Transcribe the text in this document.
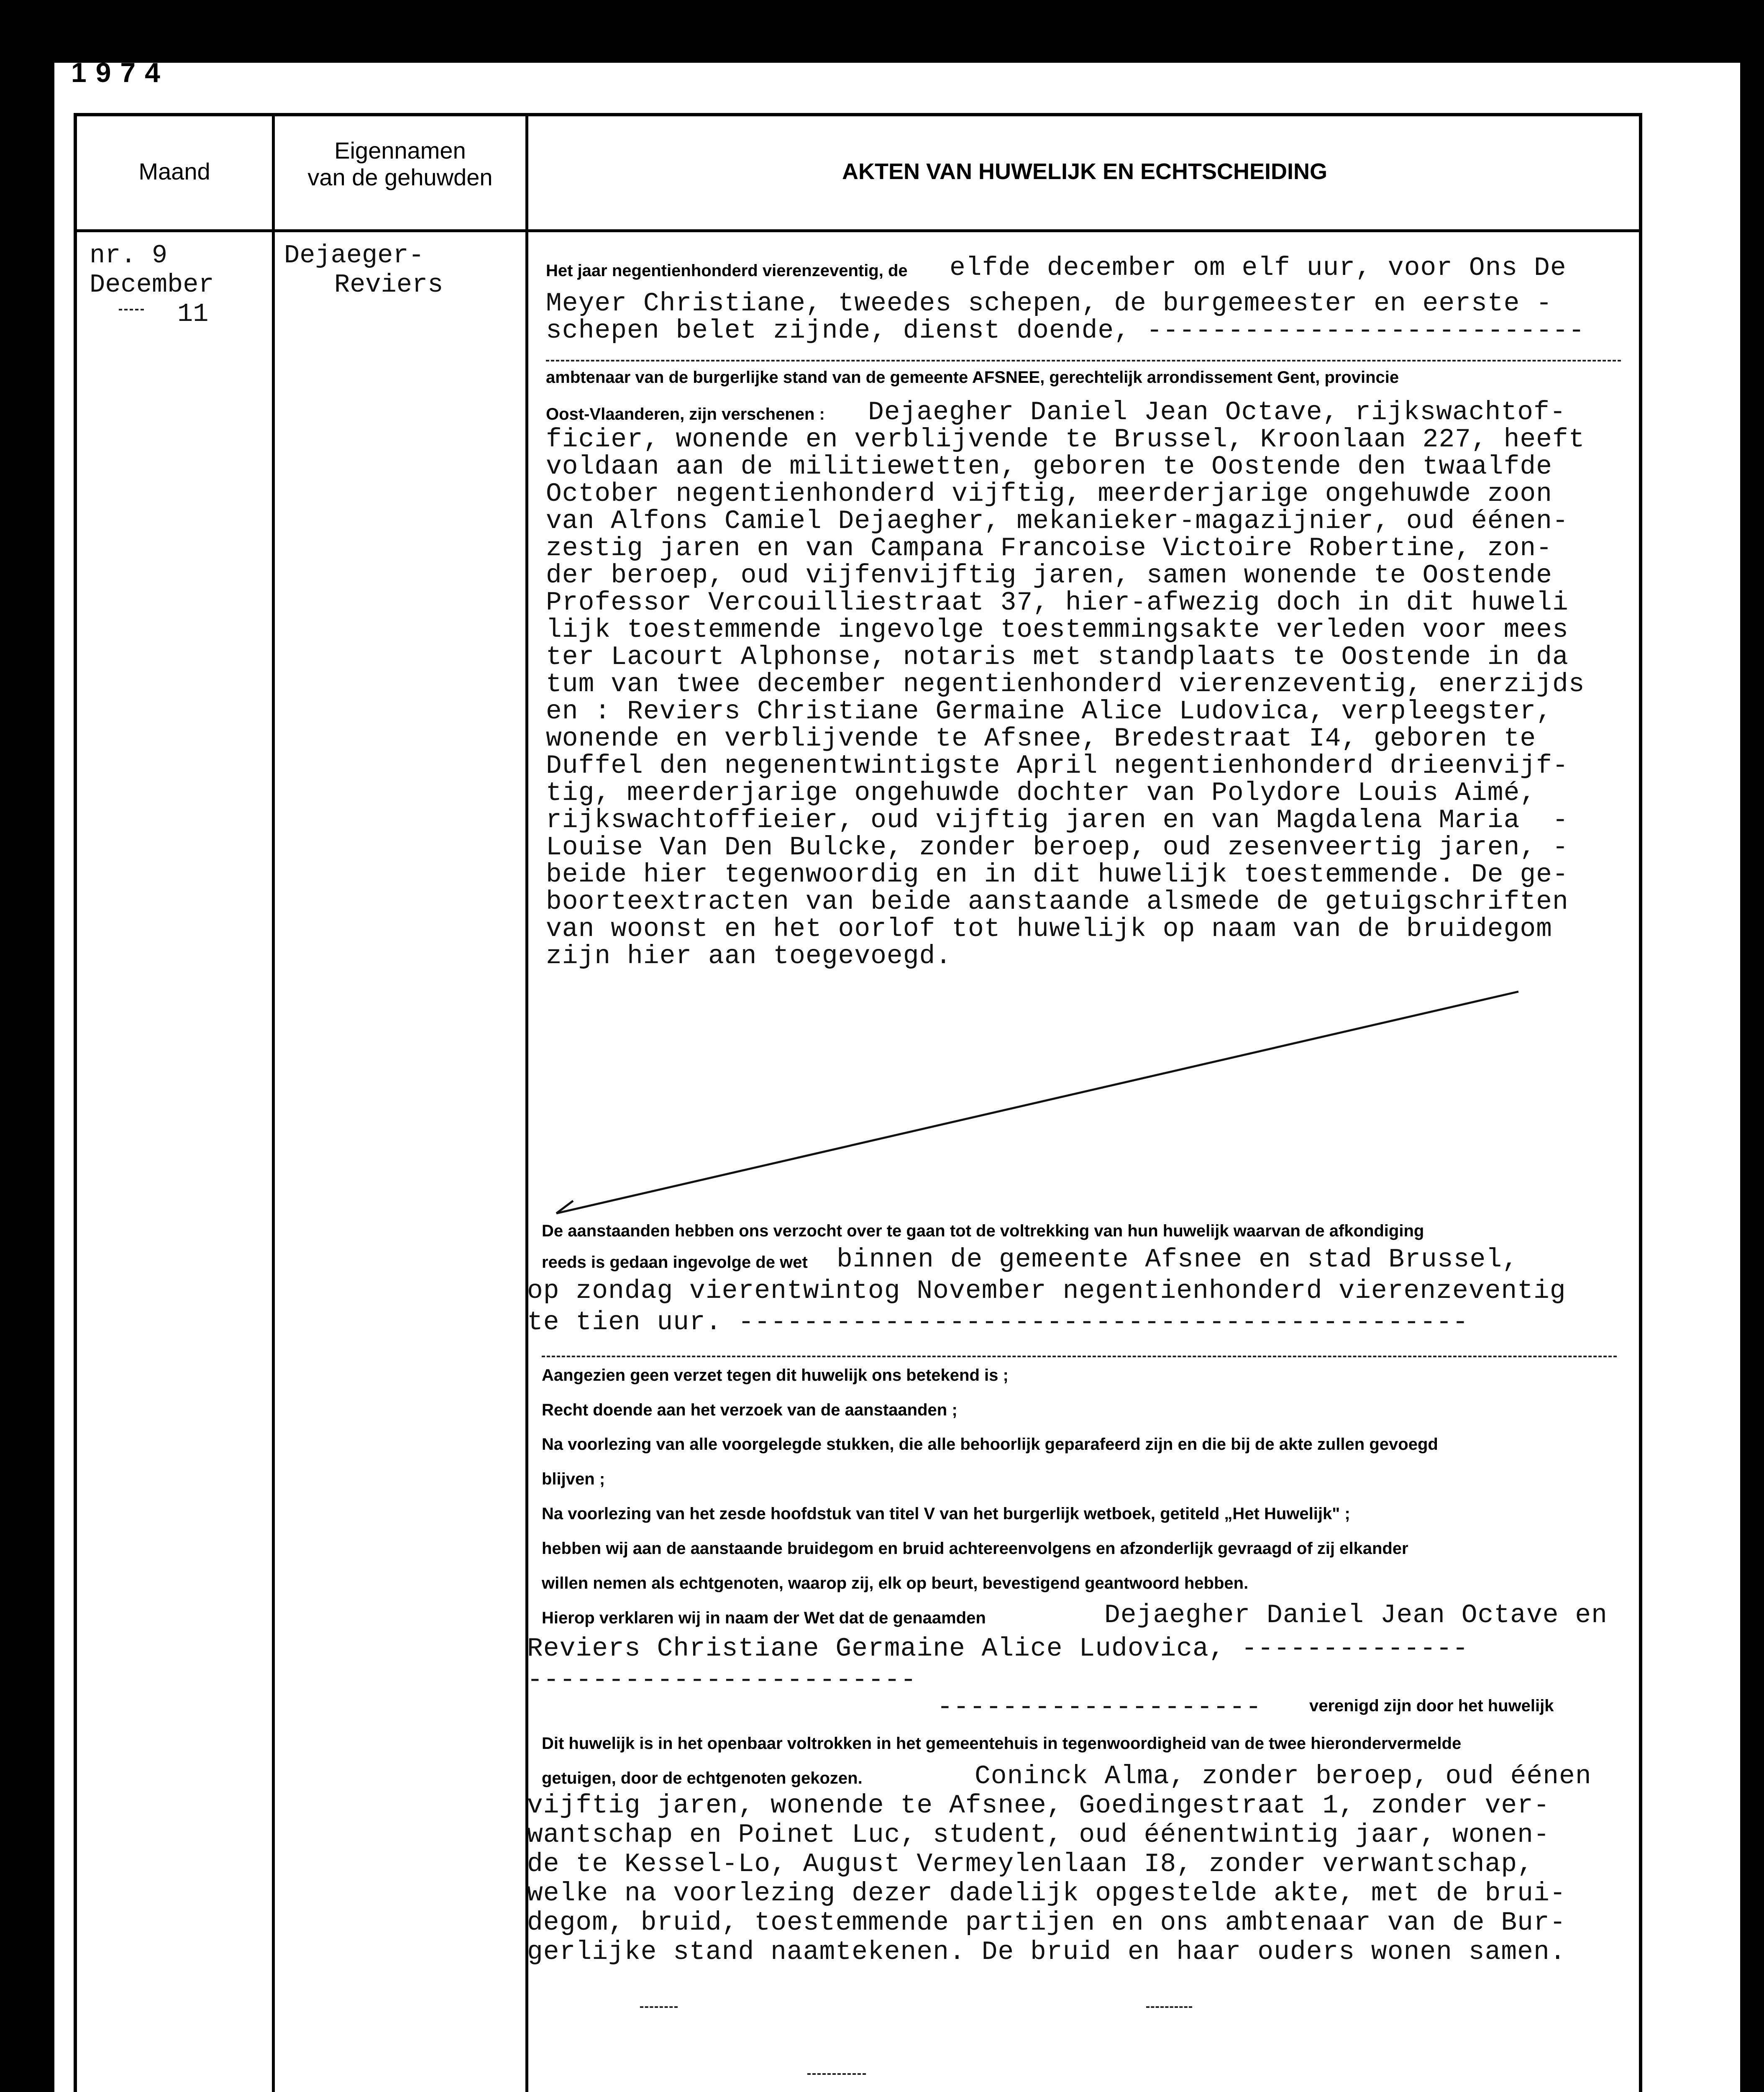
1974
Maand
Eigennamen
van de gehuwden	AKTEN VAN HUWELIJK EN ECHTSCHEIDING
nr. 9
December
11
Dejaeger-
Reviers	Het jaar negentienhonderd vierenzeventig, de elfde december om elf uur, voor Ons De
Meyer Christiane, tweedes schepen, de burgemeester en eerste -
schepen belet zijnde, dienst doende, ---------------------------
ambtenaar van de burgerlijke stand van de gemeente AFSNEE, gerechtelijk arrondissement Gent, provincie
Oost-Vlaanderen, zijn verschenen : Dejaegher Daniel Jean Octave, rijkswachtof-
ficier, wonende en verblijvende te Brussel, Kroonlaan 227, heeft
voldaan aan de militiewetten, geboren te Oostende den twaalfde
October negentienhonderd vijftig, meerderjarige ongehuwde zoon
van Alfons Camiel Dejaegher, mekanieker-magazijnier, oud éénen-
zestig jaren en van Campana Francoise Victoire Robertine, zon-
der beroep, oud vijfenvijftig jaren, samen wonende te Oostende
Professor Vercouilliestraat 37, hier-afwezig doch in dit huweli
lijk toestemmende ingevolge toestemmingsakte verleden voor mees
ter Lacourt Alphonse, notaris met standplaats te Oostende in da
tum van twee december negentienhonderd vierenzeventig, enerzijds
en : Reviers Christiane Germaine Alice Ludovica, verpleegster,
wonende en verblijvende te Afsnee, Bredestraat I4, geboren te
Duffel den negenentwintigste April negentienhonderd drieenvijf-
tig, meerderjarige ongehuwde dochter van Polydore Louis Aimé,
rijkswachtoffieier, oud vijftig jaren en van Magdalena Maria  -
Louise Van Den Bulcke, zonder beroep, oud zesenveertig jaren, -
beide hier tegenwoordig en in dit huwelijk toestemmende. De ge-
boorteextracten van beide aanstaande alsmede de getuigschriften
van woonst en het oorlof tot huwelijk op naam van de bruidegom
zijn hier aan toegevoegd.
De aanstaanden hebben ons verzocht over te gaan tot de voltrekking van hun huwelijk waarvan de afkondiging
reeds is gedaan ingevolge de wet binnen de gemeente Afsnee en stad Brussel,
op zondag vierentwintog November negentienhonderd vierenzeventig
te tien uur. ---------------------------------------------
Aangezien geen verzet tegen dit huwelijk ons betekend is ;
Recht doende aan het verzoek van de aanstaanden ;
Na voorlezing van alle voorgelegde stukken, die alle behoorlijk geparafeerd zijn en die bij de akte zullen gevoegd
blijven ;
Na voorlezing van het zesde hoofdstuk van titel V van het burgerlijk wetboek, getiteld „Het Huwelijk" ;
hebben wij aan de aanstaande bruidegom en bruid achtereenvolgens en afzonderlijk gevraagd of zij elkander
willen nemen als echtgenoten, waarop zij, elk op beurt, bevestigend geantwoord hebben.
Hierop verklaren wij in naam der Wet dat de genaamden	Dejaegher Daniel Jean Octave en
Reviers Christiane Germaine Alice Ludovica, --------------
------------------------
--------------------	verenigd zijn door het huwelijk
Dit huwelijk is in het openbaar voltrokken in het gemeentehuis in tegenwoordigheid van de twee hierondervermelde
getuigen, door de echtgenoten gekozen.	Coninck Alma, zonder beroep, oud éénen
vijftig jaren, wonende te Afsnee, Goedingestraat 1, zonder ver-
wantschap en Poinet Luc, student, oud éénentwintig jaar, wonen-
de te Kessel-Lo, August Vermeylenlaan I8, zonder verwantschap,
welke na voorlezing dezer dadelijk opgestelde akte, met de brui-
degom, bruid, toestemmende partijen en ons ambtenaar van de Bur-
gerlijke stand naamtekenen. De bruid en haar ouders wonen samen.
